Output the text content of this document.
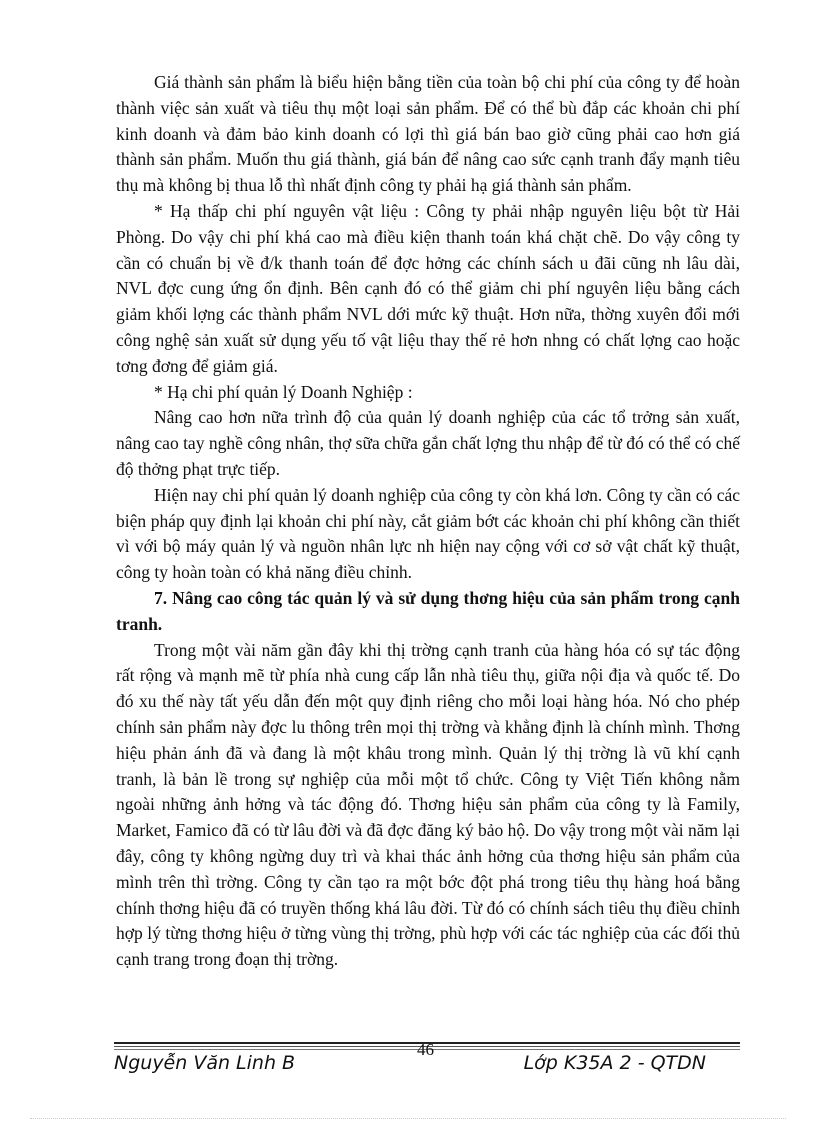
Giá thành sản phẩm là biểu hiện bằng tiền của toàn bộ chi phí của công ty để hoàn thành việc sản xuất và tiêu thụ một loại sản phẩm. Để có thể bù đắp các khoản chi phí kinh doanh và đảm bảo kinh doanh có lợi thì giá bán bao giờ cũng phải cao hơn giá thành sản phẩm. Muốn thu giá thành, giá bán để nâng cao sức cạnh tranh đẩy mạnh tiêu thụ mà không bị thua lỗ thì nhất định công ty phải hạ giá thành sản phẩm.

* Hạ thấp chi phí nguyên vật liệu : Công ty phải nhập nguyên liệu bột từ Hải Phòng. Do vậy chi phí khá cao mà điều kiện thanh toán khá chặt chẽ. Do vậy công ty cần có chuẩn bị về đ/k thanh toán để đợc hởng các chính sách u đãi cũng nh lâu dài, NVL đợc cung ứng ổn định. Bên cạnh đó có thể giảm chi phí nguyên liệu bằng cách giảm khối lợng các thành phẩm NVL dới mức kỹ thuật. Hơn nữa, thờng xuyên đổi mới công nghệ sản xuất sử dụng yếu tố vật liệu thay thế rẻ hơn nhng có chất lợng cao hoặc tơng đơng để giảm giá.

* Hạ chi phí quản lý Doanh Nghiệp :

Nâng cao hơn nữa trình độ của quản lý doanh nghiệp của các tổ trởng sản xuất, nâng cao tay nghề công nhân, thợ sữa chữa gắn chất lợng thu nhập để từ đó có thể có chế độ thởng phạt trực tiếp.

Hiện nay chi phí quản lý doanh nghiệp của công ty còn khá lơn. Công ty cần có các biện pháp quy định lại khoản chi phí này, cắt giảm bớt các khoản chi phí không cần thiết vì với bộ máy quản lý và nguồn nhân lực nh hiện nay cộng với cơ sở vật chất kỹ thuật, công ty hoàn toàn có khả năng điều chỉnh.

7. Nâng cao công tác quản lý và sử dụng thơng hiệu của sản phẩm trong cạnh tranh.

Trong một vài năm gần đây khi thị trờng cạnh tranh của hàng hóa có sự tác động rất rộng và mạnh mẽ từ phía nhà cung cấp lẫn nhà tiêu thụ, giữa nội địa và quốc tế. Do đó xu thế này tất yếu dẫn đến một quy định riêng cho mỗi loại hàng hóa. Nó cho phép chính sản phẩm này đợc lu thông trên mọi thị trờng và khẳng định là chính mình. Thơng hiệu phản ánh đã và đang là một khâu trong mình. Quản lý thị trờng là vũ khí cạnh tranh, là bản lề trong sự nghiệp của mỗi một tổ chức. Công ty Việt Tiến không nằm ngoài những ảnh hởng và tác động đó. Thơng hiệu sản phẩm của công ty là Family, Market, Famico đã có từ lâu đời và đã đợc đăng ký bảo hộ. Do vậy trong một vài năm lại đây, công ty không ngừng duy trì và khai thác ảnh hởng của thơng hiệu sản phẩm của mình trên thì trờng. Công ty cần tạo ra một bớc đột phá trong tiêu thụ hàng hoá bằng chính thơng hiệu đã có truyền thống khá lâu đời. Từ đó có chính sách tiêu thụ điều chỉnh hợp lý từng thơng hiệu ở từng vùng thị trờng, phù hợp với các tác nghiệp của các đối thủ cạnh trang trong đoạn thị trờng.

Nguyễn Văn Linh B
46
Lớp K35A 2 - QTDN
